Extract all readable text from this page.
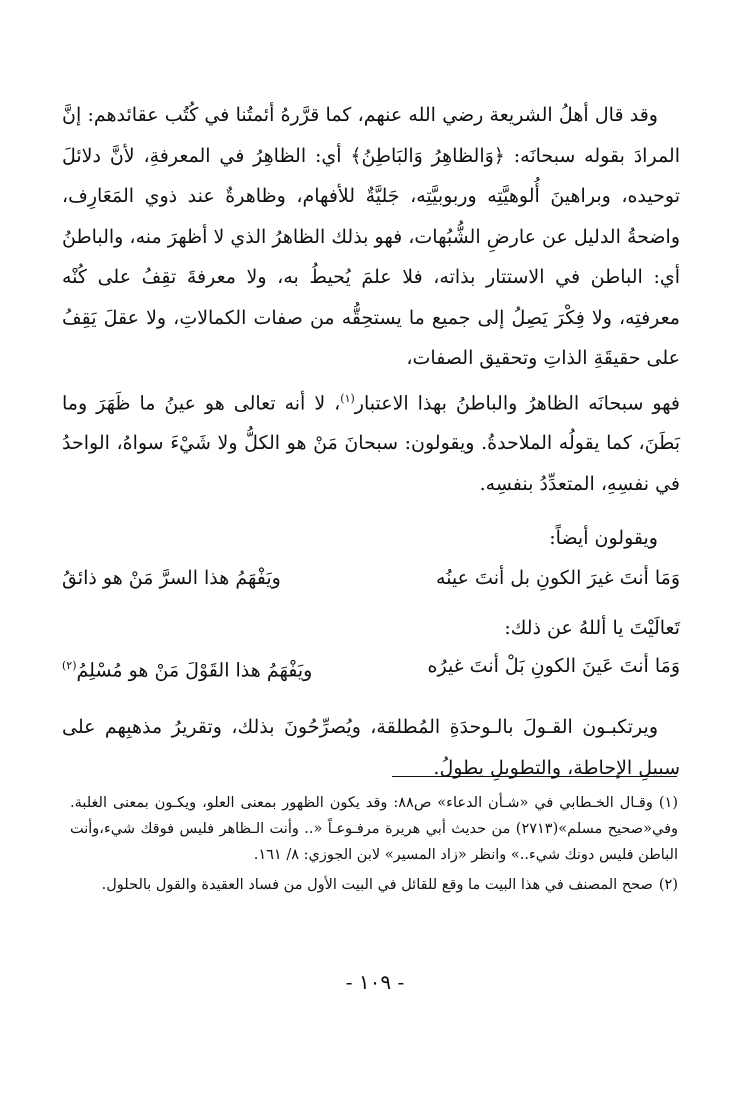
وقد قال أهلُ الشريعة رضي الله عنهم، كما قرَّرهُ أئمتُنا في كُتُب عقائدهم: إنَّ المرادَ بقوله سبحانَه: ﴿وَالظاهِرُ وَالبَاطِنُ﴾ أي: الظاهِرُ في المعرفةِ، لأنَّ دلائلَ توحيده، وبراهينَ أُلوهيَّتِه وربوبيَّتِه، جَليَّةٌ للأفهام، وظاهرةٌ عند ذوي المَعَارِف، واضحةُ الدليل عن عارضِ الشُّبُهات، فهو بذلك الظاهرُ الذي لا أظهرَ منه، والباطنُ أي: الباطن في الاستتار بذاته، فلا علمَ يُحيطُ به، ولا معرفةَ تقِفُ على كُنْه معرفتِه، ولا فِكْرَ يَصِلُ إلى جميع ما يستحِقُّه من صفات الكمالاتِ، ولا عقلَ يَقِفُ على حقيقَةِ الذاتِ وتحقيق الصفات،

فهو سبحانَه الظاهرُ والباطنُ بهذا الاعتبار$^{(١)}$، لا أنه تعالى هو عينُ ما ظَهَرَ وما بَطَنَ، كما يقولُه الملاحدةُ. ويقولون: سبحانَ مَنْ هو الكلُّ ولا شَيْءَ سواهُ، الواحدُ في نفسِهِ، المتعدِّدُ بنفسِه.

ويقولون أيضاً:

وَمَا أنتَ غيرَ الكونِ بل أنتَ عينُه
ويَفْهَمُ هذا السرَّ مَنْ هو ذائقُ
تَعالَيْتَ يا أللهُ عن ذلك:
وَمَا أنتَ عَينَ الكونِ بَلْ أنتَ غيرُه
ويَفْهَمُ هذا القَوْلَ مَنْ هو مُسْلِمُ$^{(٢)}$

ويرتكبـون القـولَ بالـوحدَةِ المُطلقة، ويُصرِّحُونَ بذلك، وتقريرُ مذهبِهم على سبيلِ الإحاطة، والتطويلِ يطولُ.

(١)وقـال الخـطابي في «شـأن الدعاء» ص٨٨: وقد يكون الظهور بمعنى العلو، ويكـون بمعنى الغلبة. وفي«صحيح مسلم»(٢٧١٣) من حديث أبي هريرة مرفـوعـاً «.. وأنت الـظاهر فليس فوقك شيء،وأنت الباطن فليس دونك شيء..» وانظر «زاد المسير» لابن الجوزي: ٨/ ١٦١.

(٢)صحح المصنف في هذا البيت ما وقع للقائل في البيت الأول من فساد العقيدة والقول بالحلول.

- ١٠٩ -
